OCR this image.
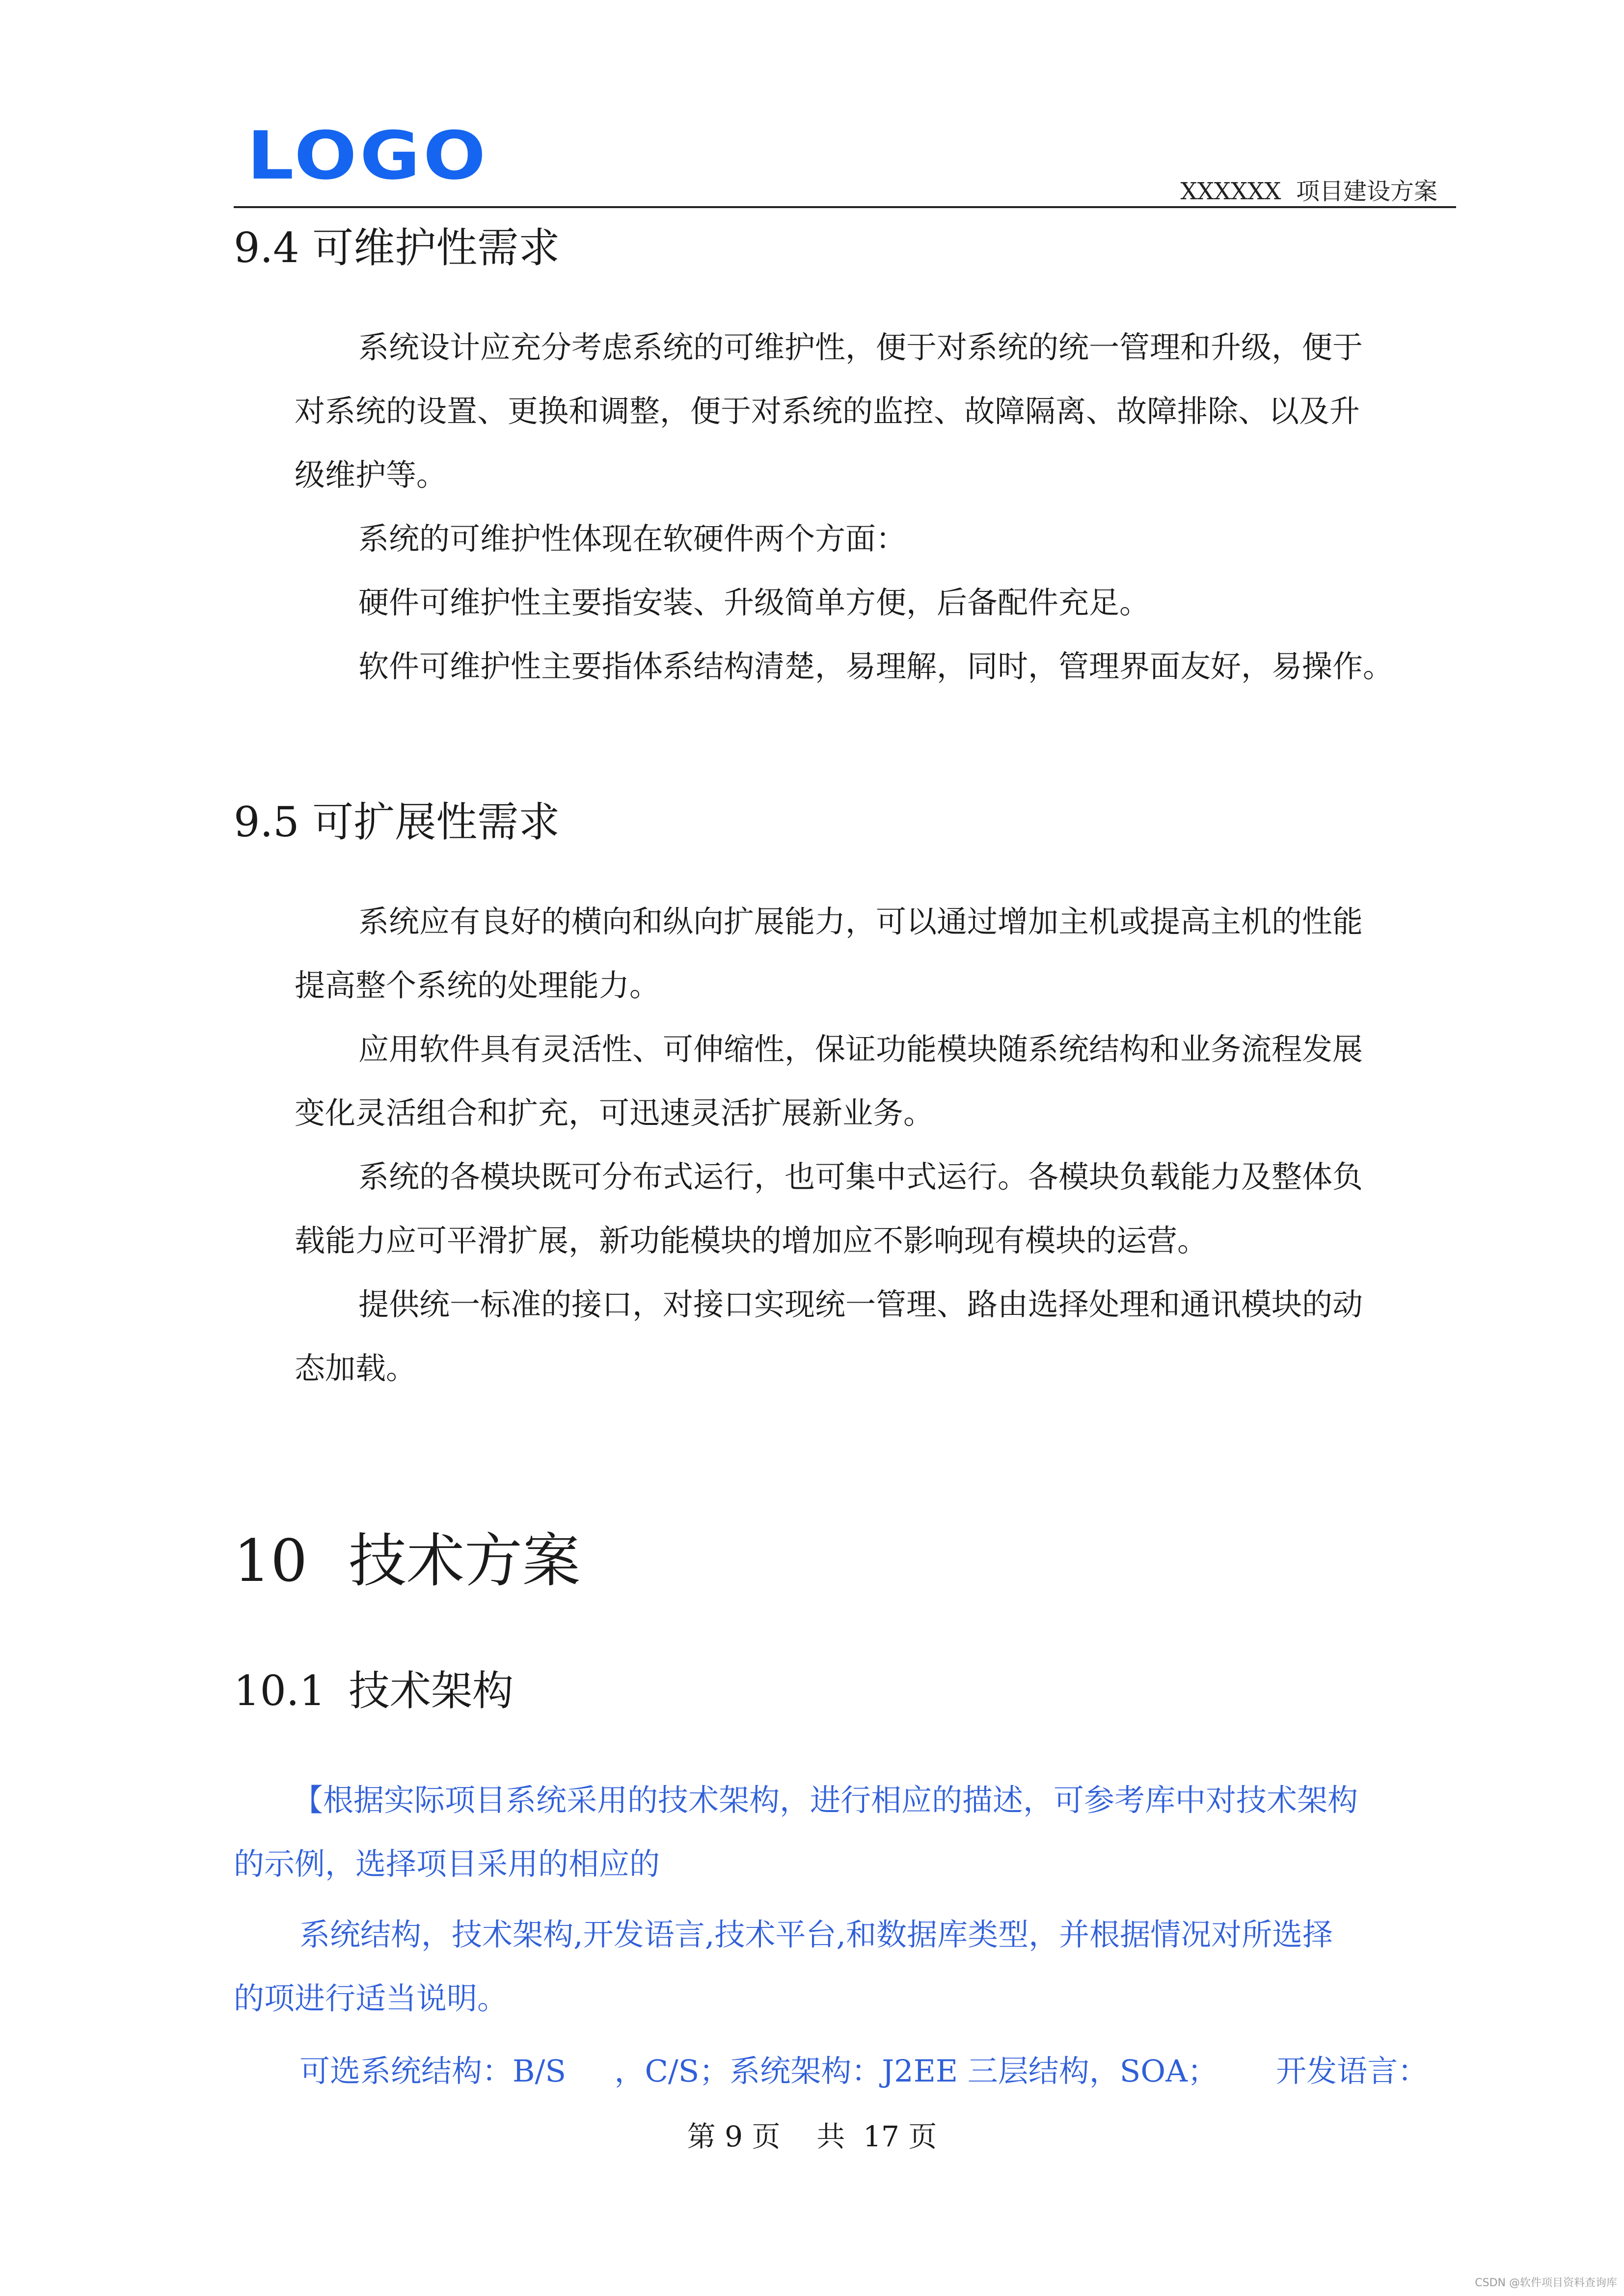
LOGO	XXXXXX  项目建设方案
9.4 可维护性需求
系统设计应充分考虑系统的可维护性，便于对系统的统一管理和升级，便于
对系统的设置、更换和调整，便于对系统的监控、故障隔离、故障排除、以及升
级维护等。
系统的可维护性体现在软硬件两个方面：
硬件可维护性主要指安装、升级简单方便，后备配件充足。
软件可维护性主要指体系结构清楚，易理解，同时，管理界面友好，易操作。
9.5 可扩展性需求
系统应有良好的横向和纵向扩展能力，可以通过增加主机或提高主机的性能
提高整个系统的处理能力。
应用软件具有灵活性、可伸缩性，保证功能模块随系统结构和业务流程发展
变化灵活组合和扩充，可迅速灵活扩展新业务。
系统的各模块既可分布式运行，也可集中式运行。各模块负载能力及整体负
载能力应可平滑扩展，新功能模块的增加应不影响现有模块的运营。
提供统一标准的接口，对接口实现统一管理、路由选择处理和通讯模块的动
态加载。
10 技术方案
10.1 技术架构
【根据实际项目系统采用的技术架构，进行相应的描述，可参考库中对技术架构
的示例，选择项目采用的相应的
系统结构，技术架构,开发语言,技术平台,和数据库类型，并根据情况对所选择
的项进行适当说明。
可选系统结构：B/S     ，C/S；系统架构：J2EE 三层结构，SOA；      开发语言：
第 9 页    共  17 页
CSDN @软件项目资料查询库
